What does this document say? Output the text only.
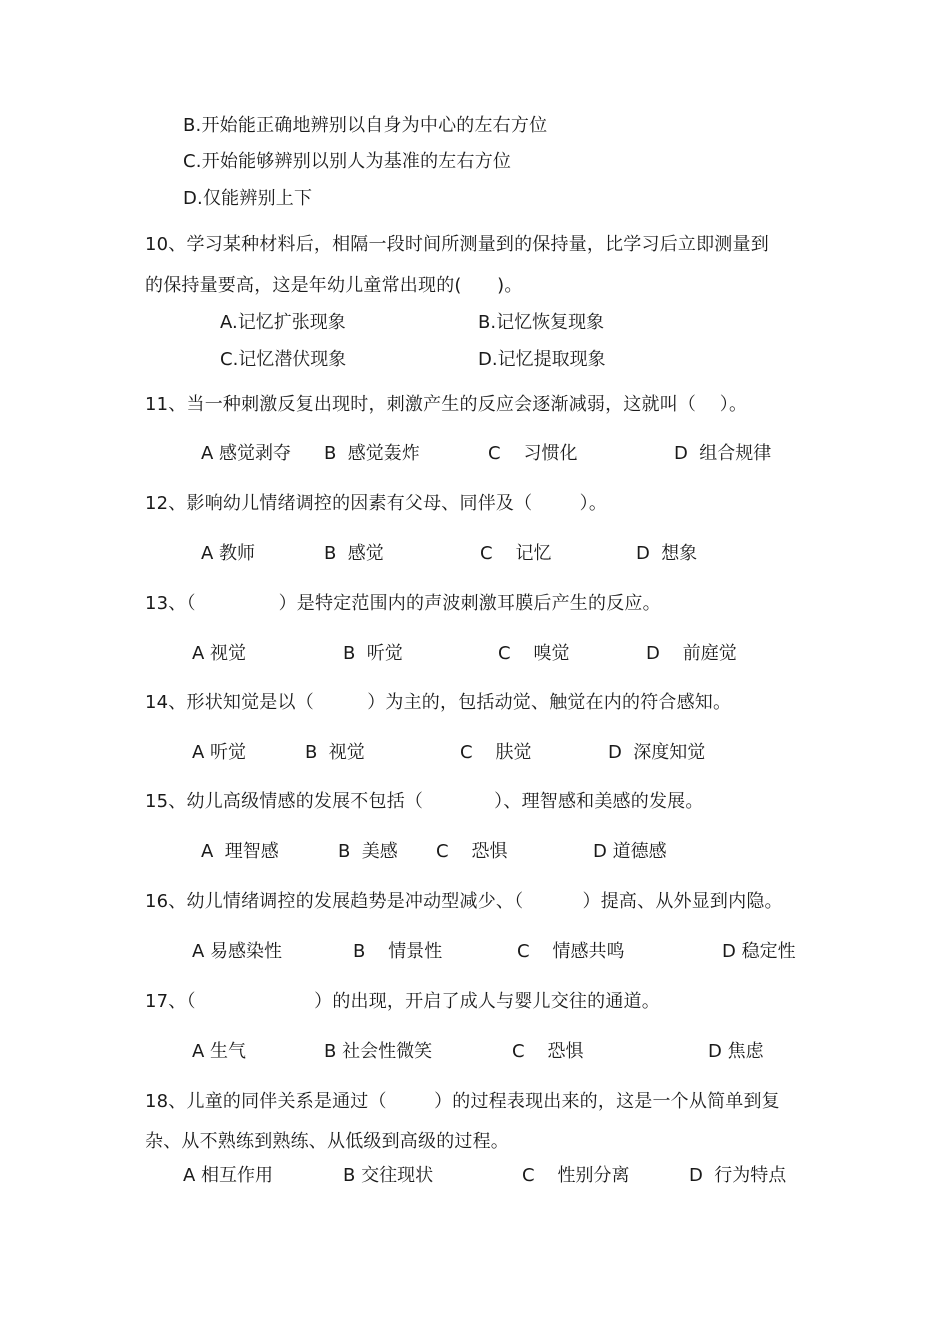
B.开始能正确地辨别以自身为中心的左右方位
C.开始能够辨别以别人为基准的左右方位
D.仅能辨别上下
10、学习某种材料后，相隔一段时间所测量到的保持量，比学习后立即测量到
的保持量要高，这是年幼儿童常出现的(      )。
A.记忆扩张现象	B.记忆恢复现象
C.记忆潜伏现象	D.记忆提取现象
11、当一种刺激反复出现时，刺激产生的反应会逐渐减弱，这就叫（    ）。
A 感觉剥夺 B  感觉轰炸	C    习惯化	D  组合规律
12、影响幼儿情绪调控的因素有父母、同伴及（        ）。
A 教师	B  感觉	C    记忆	D  想象
13、（              ）是特定范围内的声波刺激耳膜后产生的反应。
A 视觉	B  听觉	C    嗅觉	D    前庭觉
14、形状知觉是以（         ）为主的，包括动觉、触觉在内的符合感知。
A 听觉	B  视觉	C    肤觉	D  深度知觉
15、幼儿高级情感的发展不包括（            ）、理智感和美感的发展。
A  理智感	B  美感 C    恐惧	D 道德感
16、幼儿情绪调控的发展趋势是冲动型减少、（          ）提高、从外显到内隐。
A 易感染性	B    情景性	C    情感共鸣	D 稳定性
17、（                    ）的出现，开启了成人与婴儿交往的通道。
A 生气	B 社会性微笑	C    恐惧	D 焦虑
18、儿童的同伴关系是通过（        ）的过程表现出来的，这是一个从简单到复
杂、从不熟练到熟练、从低级到高级的过程。
A 相互作用	B 交往现状	C    性别分离	D  行为特点
